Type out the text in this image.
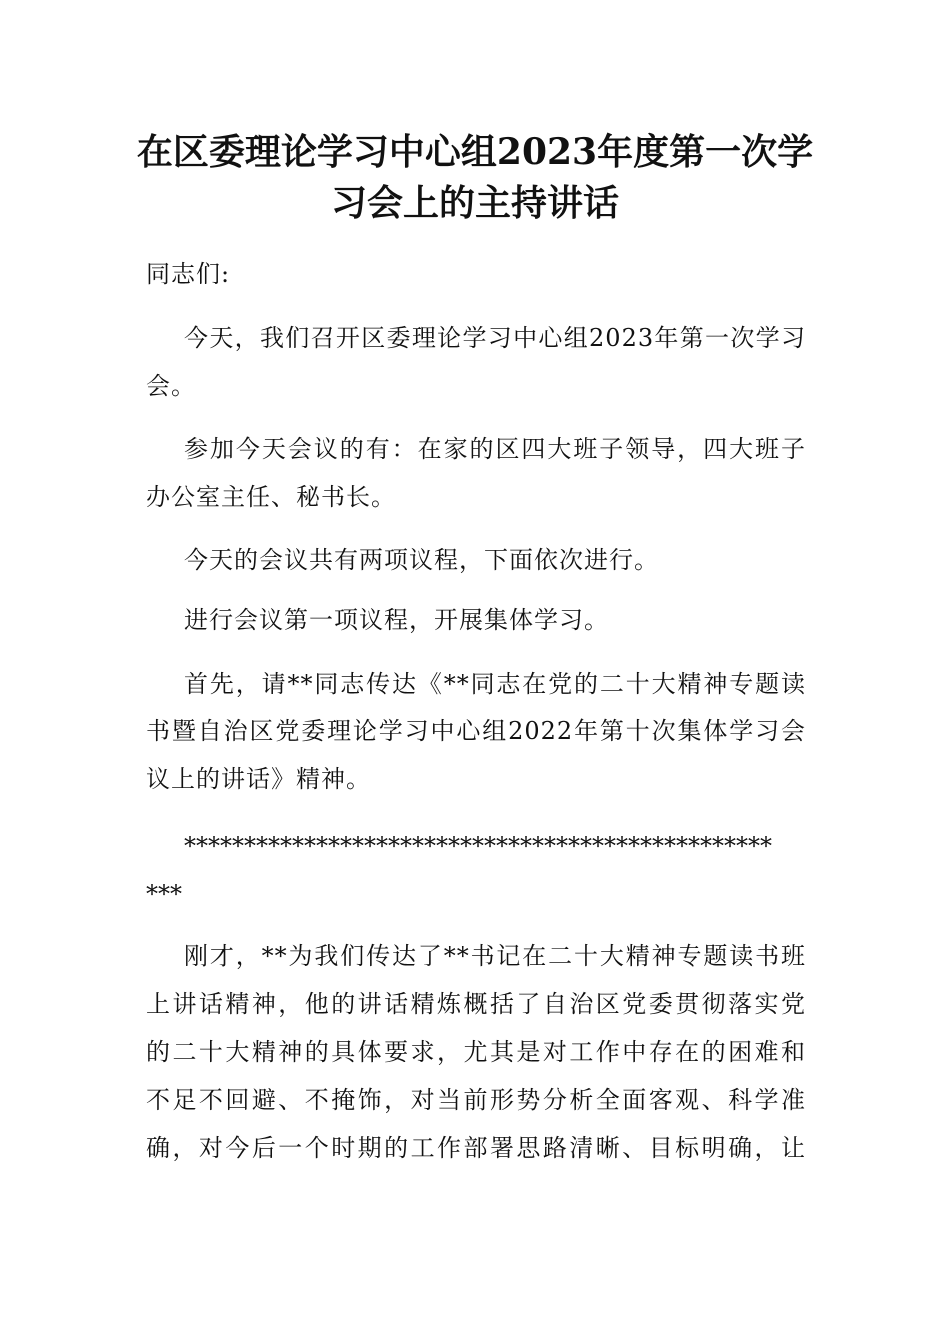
在区委理论学习中心组2023年度第一次学
习会上的主持讲话

同志们:

今天，我们召开区委理论学习中心组2023年第一次学习

会。

参加今天会议的有：在家的区四大班子领导，四大班子

办公室主任、秘书长。

今天的会议共有两项议程，下面依次进行。

进行会议第一项议程，开展集体学习。

首先，请**同志传达《**同志在党的二十大精神专题读

书暨自治区党委理论学习中心组2022年第十次集体学习会

议上的讲话》精神。

*************************************************

***

刚才，**为我们传达了**书记在二十大精神专题读书班

上讲话精神，他的讲话精炼概括了自治区党委贯彻落实党

的二十大精神的具体要求，尤其是对工作中存在的困难和

不足不回避、不掩饰，对当前形势分析全面客观、科学准

确，对今后一个时期的工作部署思路清晰、目标明确，让
